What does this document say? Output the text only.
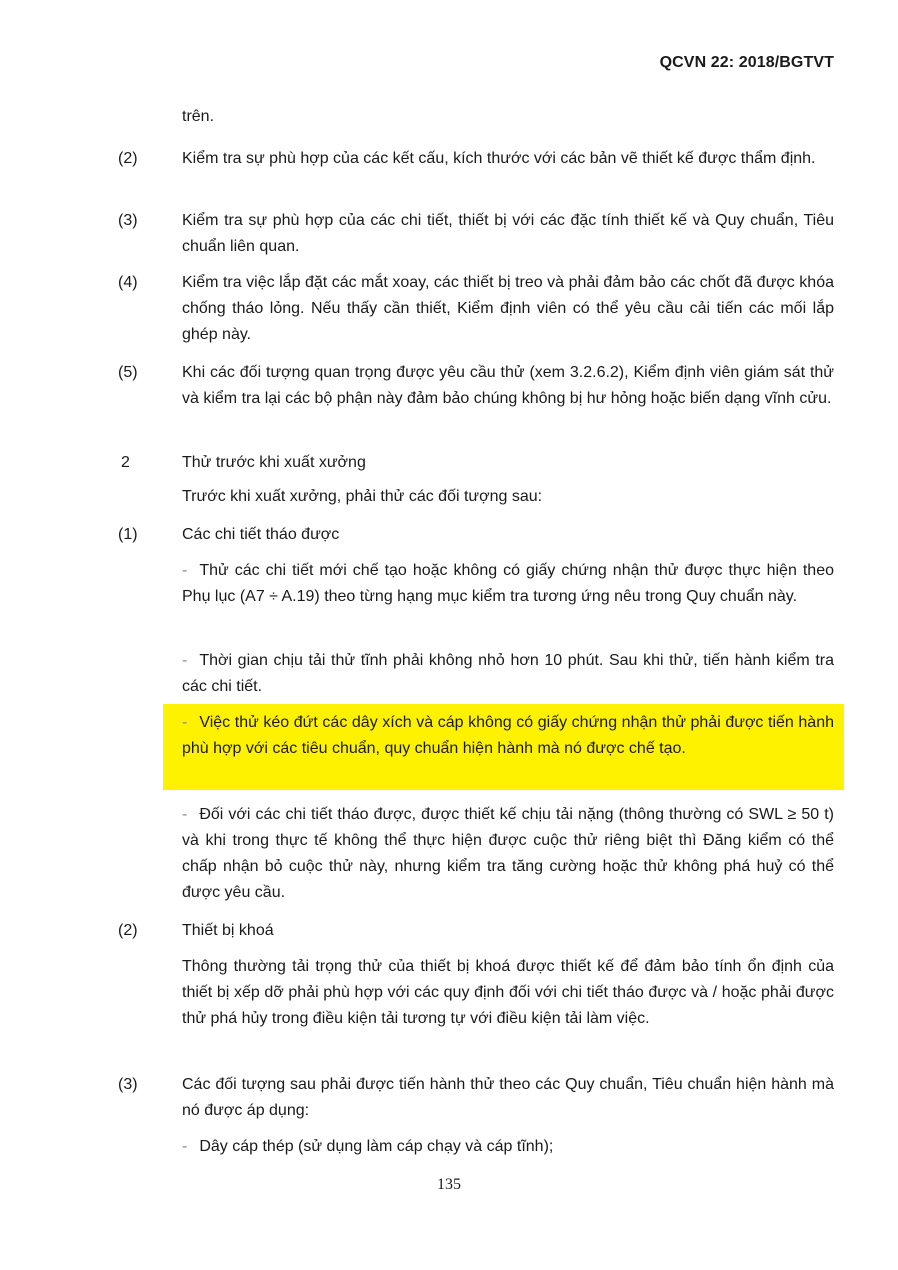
QCVN 22: 2018/BGTVT

trên.

(2)	Kiểm tra sự phù hợp của các kết cấu, kích thước với các bản vẽ thiết kế được thẩm định.

(3)	Kiểm tra sự phù hợp của các chi tiết, thiết bị với các đặc tính thiết kế và Quy chuẩn, Tiêu chuẩn liên quan.

(4)	Kiểm tra việc lắp đặt các mắt xoay, các thiết bị treo và phải đảm bảo các chốt đã được khóa chống tháo lỏng. Nếu thấy cần thiết, Kiểm định viên có thể yêu cầu cải tiến các mối lắp ghép này.

(5)	Khi các đối tượng quan trọng được yêu cầu thử (xem 3.2.6.2), Kiểm định viên giám sát thử và kiểm tra lại các bộ phận này đảm bảo chúng không bị hư hỏng hoặc biến dạng vĩnh cửu.

2	Thử trước khi xuất xưởng

Trước khi xuất xưởng, phải thử các đối tượng sau:

(1)	Các chi tiết tháo được

- Thử các chi tiết mới chế tạo hoặc không có giấy chứng nhận thử được thực hiện theo Phụ lục (A7 ÷ A.19) theo từng hạng mục kiểm tra tương ứng nêu trong Quy chuẩn này.

- Thời gian chịu tải thử tĩnh phải không nhỏ hơn 10 phút. Sau khi thử, tiến hành kiểm tra các chi tiết.

- Việc thử kéo đứt các dây xích và cáp không có giấy chứng nhận thử phải được tiến hành phù hợp với các tiêu chuẩn, quy chuẩn hiện hành mà nó được chế tạo.

- Đối với các chi tiết tháo được, được thiết kế chịu tải nặng (thông thường có SWL ≥ 50 t) và khi trong thực tế không thể thực hiện được cuộc thử riêng biệt thì Đăng kiểm có thể chấp nhận bỏ cuộc thử này, nhưng kiểm tra tăng cường hoặc thử không phá huỷ có thể được yêu cầu.

(2)	Thiết bị khoá

Thông thường tải trọng thử của thiết bị khoá được thiết kế để đảm bảo tính ổn định của thiết bị xếp dỡ phải phù hợp với các quy định đối với chi tiết tháo được và / hoặc phải được thử phá hủy trong điều kiện tải tương tự với điều kiện tải làm việc.

(3)	Các đối tượng sau phải được tiến hành thử theo các Quy chuẩn, Tiêu chuẩn hiện hành mà nó được áp dụng:

- Dây cáp thép (sử dụng làm cáp chạy và cáp tĩnh);

135
